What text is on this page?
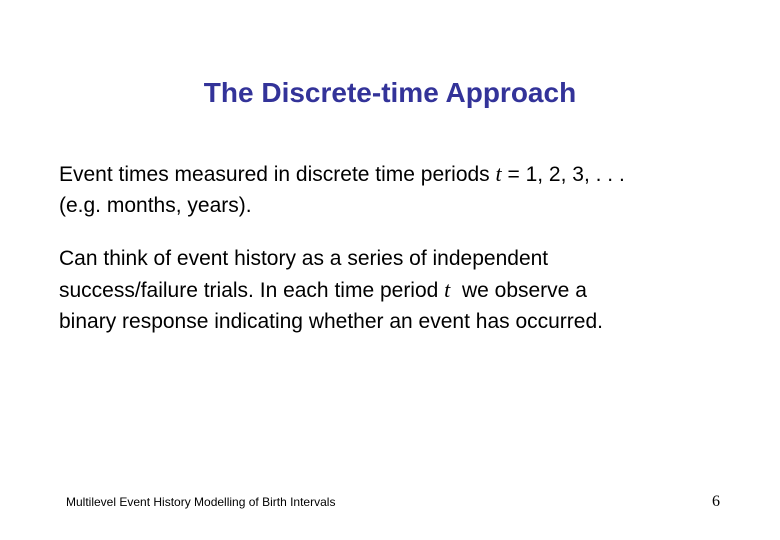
The Discrete-time Approach
Event times measured in discrete time periods t = 1, 2, 3, . . .
(e.g. months, years).
Can think of event history as a series of independent
success/failure trials. In each time period t  we observe a
binary response indicating whether an event has occurred.
Multilevel Event History Modelling of Birth Intervals	6
